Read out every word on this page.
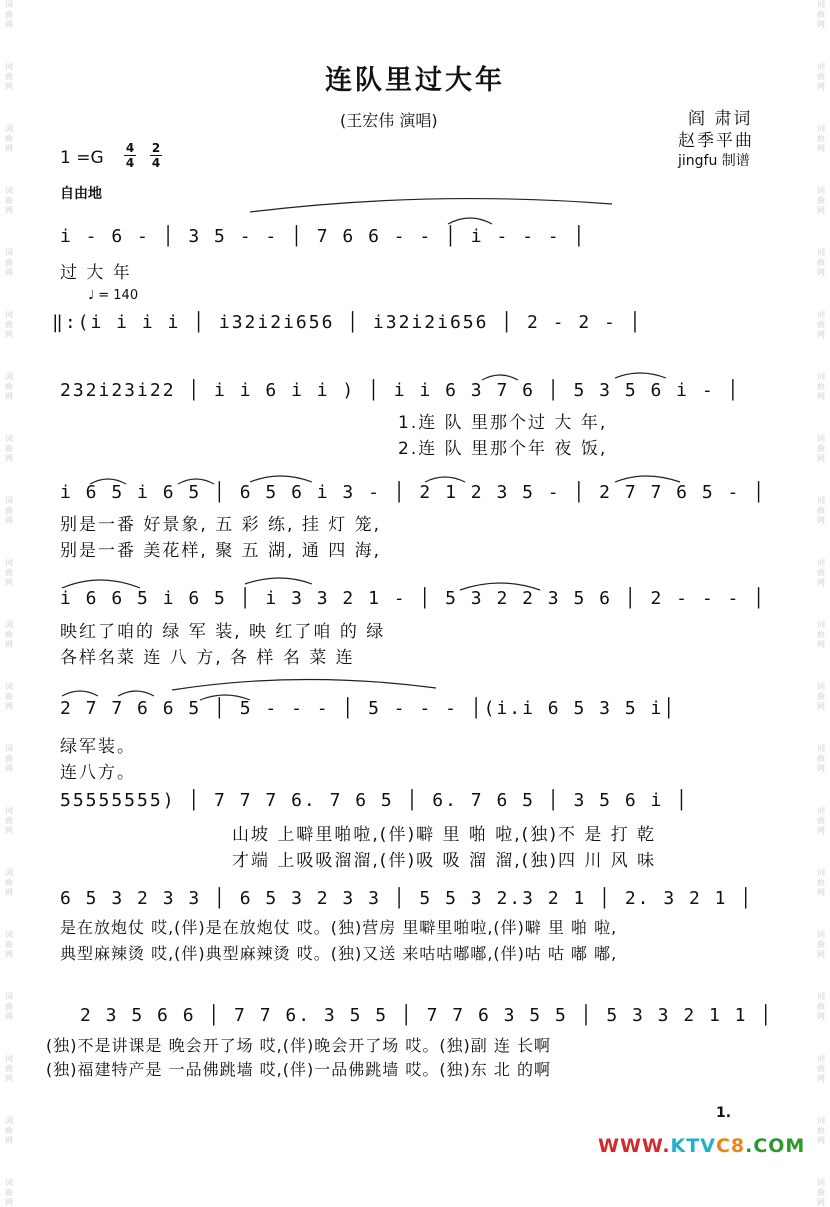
词
曲
网
词
曲
网
词
曲
网
词
曲
网
词
曲
网
词
曲
网
词
曲
网
词
曲
网
词
曲
网
词
曲
网
词
曲
网
词
曲
网
词
曲
网
词
曲
网
词
曲
网
词
曲
网
词
曲
网
词
曲
网
词
曲
网
词
曲
网
词
曲
网
词
曲
网
词
曲
网
词
曲
网
词
曲
网
词
曲
网
词
曲
网
词
曲
网
词
曲
网
词
曲
网
词
曲
网
词
曲
网
词
曲
网
词
曲
网
词
曲
网
词
曲
网
词
曲
网
词
曲
网
词
曲
网
词
曲
网
连队里过大年
(王宏伟 演唱)	阎 肃词
赵季平曲
jingfu 制谱
$1 =G \frac{4}{4} \frac{2}{4}$
自由地
♩ = 140
i - 6 - │ 3 5 - - │ 7 6 6 - - │ i - - - │
过 大 年
‖:(i i i i │ i32i2i656 │ i32i2i656 │ 2 - 2 - │
232i23i22 │ i i 6 i i ) │ i i 6 3 7 6 │ 5 3 5 6 i - │
1.连 队 里那个过 大 年,
2.连 队 里那个年 夜 饭,
i 6 5 i 6 5 │ 6 5 6 i 3 - │ 2 1 2 3 5 - │ 2 7 7 6 5 - │
别是一番 好景象, 五 彩 练, 挂 灯 笼,
别是一番 美花样, 聚 五 湖, 通 四 海,
i 6 6 5 i 6 5 │ i 3 3 2 1 - │ 5 3 2 2 3 5 6 │ 2 - - - │
映红了咱的 绿 军 装, 映 红了咱 的 绿
各样名菜 连 八 方, 各 样 名 菜 连
2 7 7 6 6 5 │ 5 - - - │ 5 - - - │(i.i 6 5 3 5 i│
绿军装。
连八方。
55555555) │ 7 7 7 6. 7 6 5 │ 6. 7 6 5 │ 3 5 6 i │
山坡 上噼里啪啦,(伴)噼 里 啪 啦,(独)不 是 打 乾
才端 上吸吸溜溜,(伴)吸 吸 溜 溜,(独)四 川 风 味
6 5 3 2 3 3 │ 6 5 3 2 3 3 │ 5 5 3 2.3 2 1 │ 2. 3 2 1 │
是在放炮仗 哎,(伴)是在放炮仗 哎。(独)营房 里噼里啪啦,(伴)噼 里 啪 啦,
典型麻辣烫 哎,(伴)典型麻辣烫 哎。(独)又送 来咕咕嘟嘟,(伴)咕 咕 嘟 嘟,
2 3 5 6 6 │ 7 7 6. 3 5 5 │ 7 7 6 3 5 5 │ 5 3 3 2 1 1 │
(独)不是讲课是 晚会开了场 哎,(伴)晚会开了场 哎。(独)副 连 长啊
(独)福建特产是 一品佛跳墙 哎,(伴)一品佛跳墙 哎。(独)东 北 的啊
1.
WWW.KTVC8.COM
